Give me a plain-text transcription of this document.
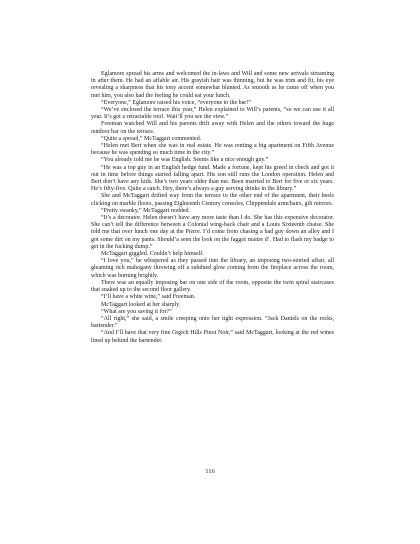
Eglamore spread his arms and welcomed the in-laws and Will and some new arrivals streaming in after them. He had an affable air. His grayish hair was thinning, but he was trim and fit, his eye revealing a sharpness that his tony accent somewhat blunted. As smooth as he came off when you met him, you also had the feeling he could eat your lunch.

“Everyone,” Eglamore raised his voice, “everyone to the bar!”

“We’ve enclosed the terrace this year,” Helen explained to Will’s parents, “so we can use it all year. It’s got a retractable roof. Wait’ll you see the view.”

Freeman watched Will and his parents drift away with Helen and the others toward the huge outdoor bar on the terrace.

“Quite a spread,” McTaggart commented.

“Helen met Bert when she was in real estate. He was renting a big apartment on Fifth Avenue because he was spending so much time in the city.”

“You already told me he was English. Seems like a nice enough guy.”

“He was a top guy in an English hedge fund. Made a fortune, kept his greed in check and got it out in time before things started falling apart. His son still runs the London operation. Helen and Bert don’t have any kids. She’s two years older than me. Been married to Bert for five or six years. He’s fifty-five. Quite a catch. Hey, there’s always a guy serving drinks in the library.”

She and McTaggart drifted way from the terrace to the other end of the apartment, their heels clicking on marble floors, passing Eighteenth Century consoles, Chippendale armchairs, gilt mirrors.

“Pretty swanky,” McTaggart nodded.

“It’s a decorator. Helen doesn’t have any more taste than I do. She has this expensive decorator. She can’t tell the difference between a Colonial wing-back chair and a Louis Sixteenth chaise. She told me that over lunch one day at the Pierre. I’d come from chasing a bad guy down an alley and I got some dirt on my pants. Should’a seen the look on the faggot maitre d’. Had to flash my badge to get in the fucking dump.”

McTaggart giggled. Couldn’t help himself.

“I love you,” he whispered as they passed into the library, an imposing two-storied affair, all gleaming rich mahogany throwing off a subdued glow coming from the fireplace across the room, which was burning brightly.

There was an equally imposing bar on one side of the room, opposite the twin spiral staircases that snaked up to the second floor gallery.

“I’ll have a white wine,” said Freeman.

McTaggart looked at her sharply.

“What are you saving it for?”

“All right,” she said, a smile creeping onto her tight expression. “Jack Daniels on the rocks, bartender.”

“And I’ll have that very fine Grgich Hills Pinot Noir,” said McTaggart, looking at the red wines lined up behind the bartender.

116
